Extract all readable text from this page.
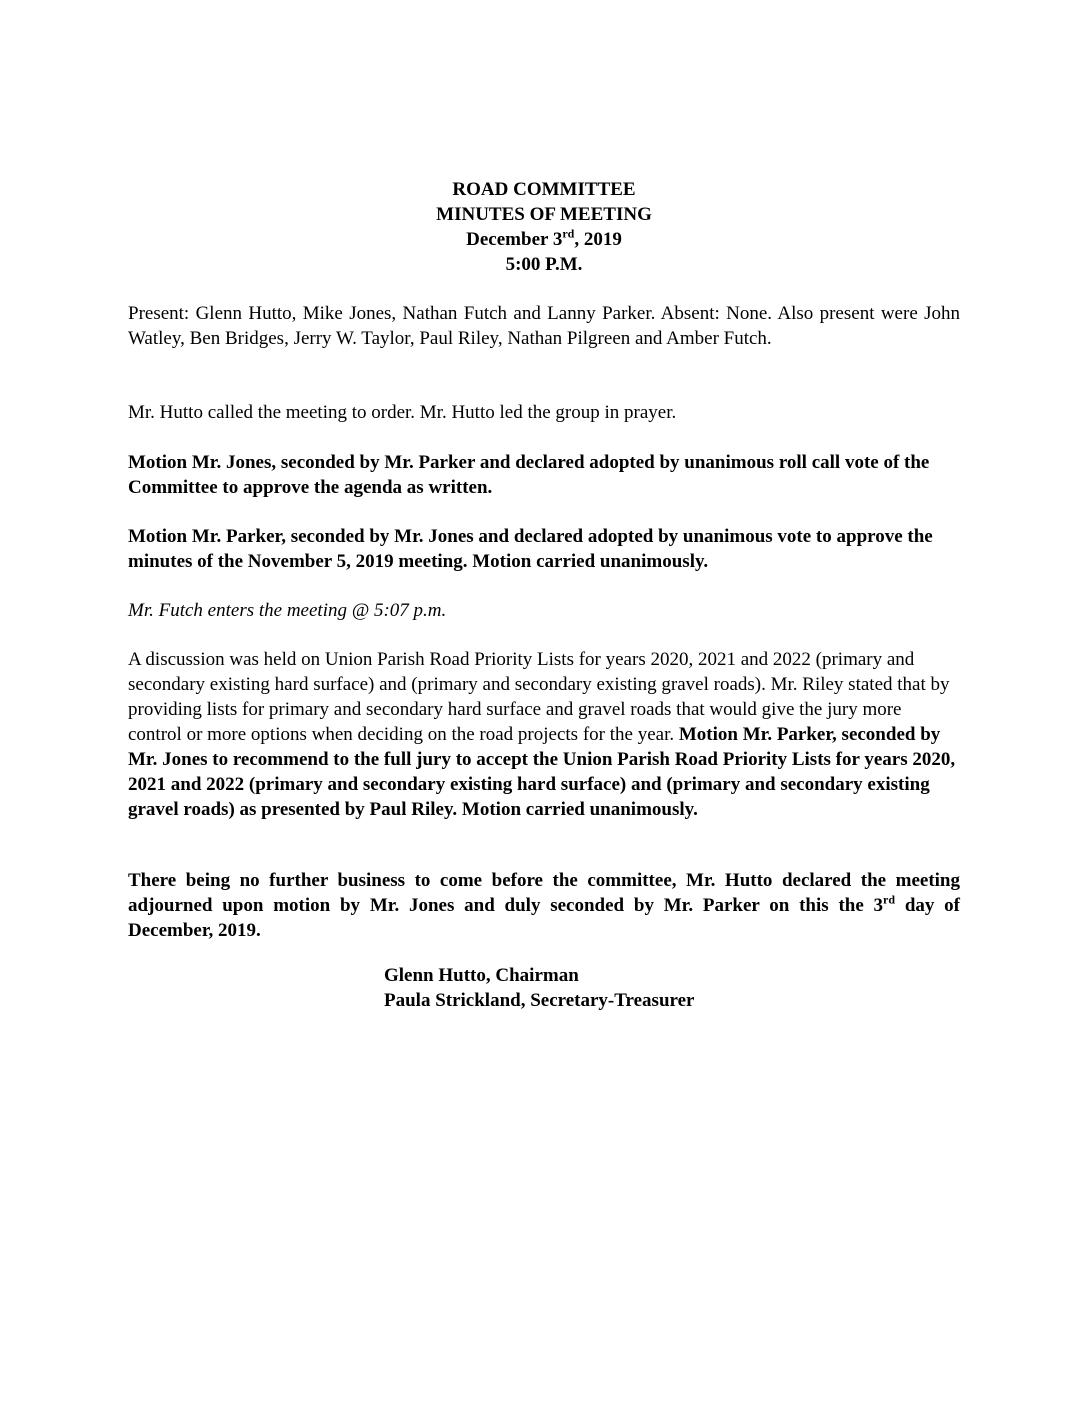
ROAD COMMITTEE
MINUTES OF MEETING
December 3rd, 2019
5:00 P.M.

Present: Glenn Hutto, Mike Jones, Nathan Futch and Lanny Parker. Absent: None. Also present were John Watley, Ben Bridges, Jerry W. Taylor, Paul Riley, Nathan Pilgreen and Amber Futch.

Mr. Hutto called the meeting to order. Mr. Hutto led the group in prayer.

Motion Mr. Jones, seconded by Mr. Parker and declared adopted by unanimous roll call vote of the Committee to approve the agenda as written.

Motion Mr. Parker, seconded by Mr. Jones and declared adopted by unanimous vote to approve the minutes of the November 5, 2019 meeting. Motion carried unanimously.

Mr. Futch enters the meeting @ 5:07 p.m.

A discussion was held on Union Parish Road Priority Lists for years 2020, 2021 and 2022 (primary and secondary existing hard surface) and (primary and secondary existing gravel roads). Mr. Riley stated that by providing lists for primary and secondary hard surface and gravel roads that would give the jury more control or more options when deciding on the road projects for the year. Motion Mr. Parker, seconded by Mr. Jones to recommend to the full jury to accept the Union Parish Road Priority Lists for years 2020, 2021 and 2022 (primary and secondary existing hard surface) and (primary and secondary existing gravel roads) as presented by Paul Riley. Motion carried unanimously.

There being no further business to come before the committee, Mr. Hutto declared the meeting adjourned upon motion by Mr. Jones and duly seconded by Mr. Parker on this the 3rd day of December, 2019.

Glenn Hutto, Chairman
Paula Strickland, Secretary-Treasurer
